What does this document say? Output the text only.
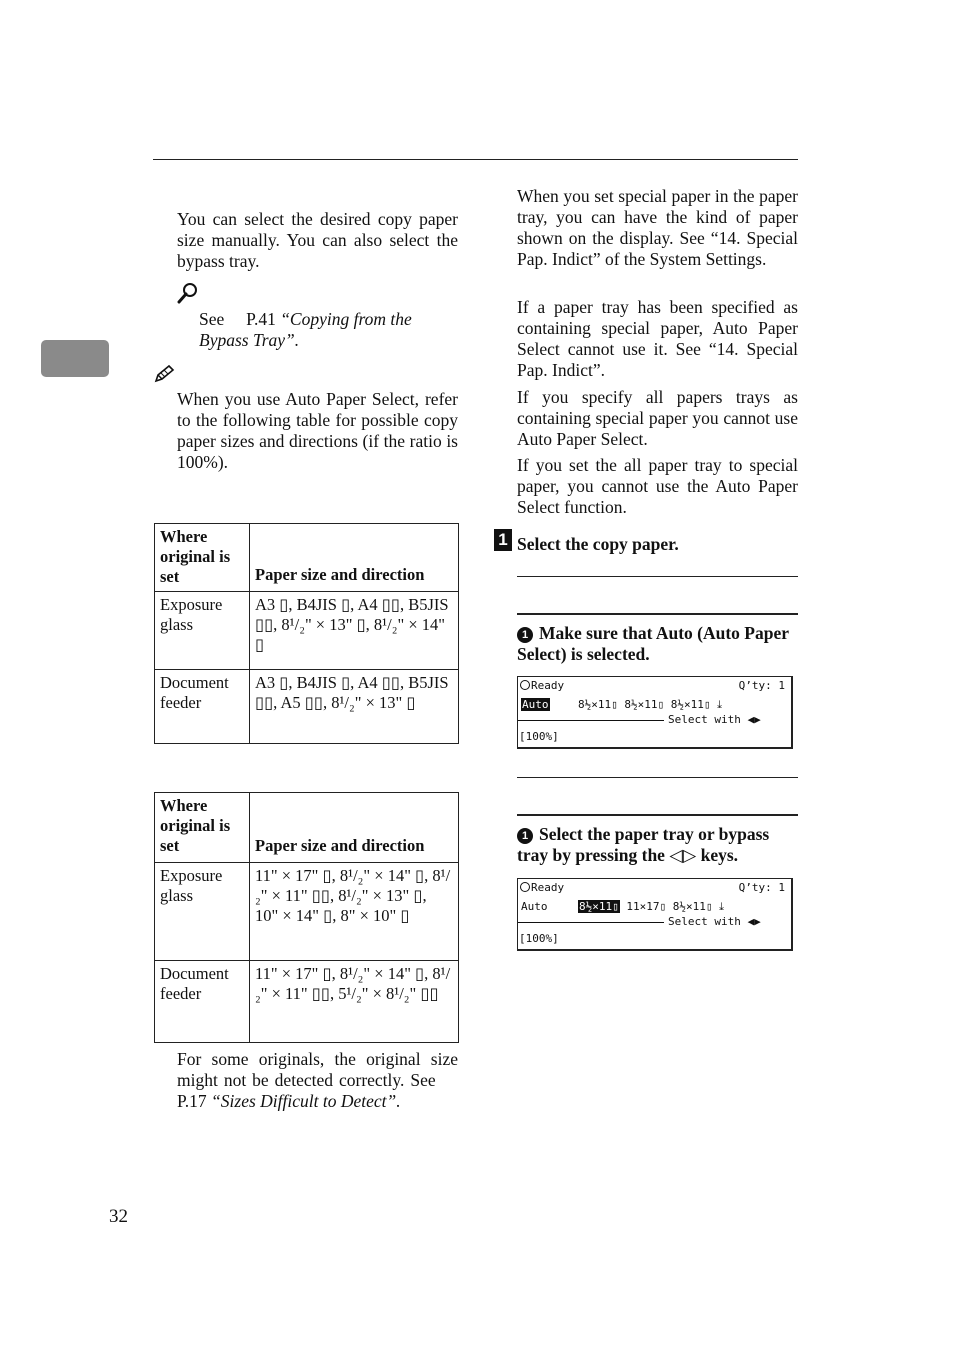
You can select the desired copy paper size manually. You can also select the bypass tray.
See P.41 “Copying from the Bypass Tray”.
When you use Auto Paper Select, refer to the following table for possible copy paper sizes and directions (if the ratio is 100%).
Where original is set	Paper size and direction
Exposure glass	A3 ▯, B4JIS ▯, A4 ▯▯, B5JIS ▯▯, 8¹/₂" × 13" ▯, 8¹/₂" × 14" ▯
Document feeder	A3 ▯, B4JIS ▯, A4 ▯▯, B5JIS ▯▯, A5 ▯▯, 8¹/₂" × 13" ▯
Where original is set	Paper size and direction
Exposure glass	11" × 17" ▯, 8¹/₂" × 14" ▯, 8¹/₂" × 11" ▯▯, 8¹/₂" × 13" ▯, 10" × 14" ▯, 8" × 10" ▯
Document feeder	11" × 17" ▯, 8¹/₂" × 14" ▯, 8¹/₂" × 11" ▯▯, 5¹/₂" × 8¹/₂" ▯▯
For some originals, the original size might not be detected correctly. See     P.17 “Sizes Difficult to Detect”.
32
When you set special paper in the paper tray, you can have the kind of paper shown on the display. See “14. Special Pap. Indict” of the System Settings.
If a paper tray has been specified as containing special paper, Auto Paper Select cannot use it. See “14. Special Pap. Indict”.
If you specify all papers trays as containing special paper you cannot use Auto Paper Select.
If you set the all paper tray to special paper, you cannot use the Auto Paper Select function.
1 Select the copy paper.
1 Make sure that Auto (Auto Paper Select) is selected.
Ready	Q’ty: 1
Auto	8½×11▯ 8½×11▯ 8½×11▯ ⤓
Select with ◀▶
[100%]
1 Select the paper tray or bypass tray by pressing the ◁▷ keys.
Ready	Q’ty: 1
Auto	8½×11▯ 11×17▯ 8½×11▯ ⤓
Select with ◀▶
[100%]
